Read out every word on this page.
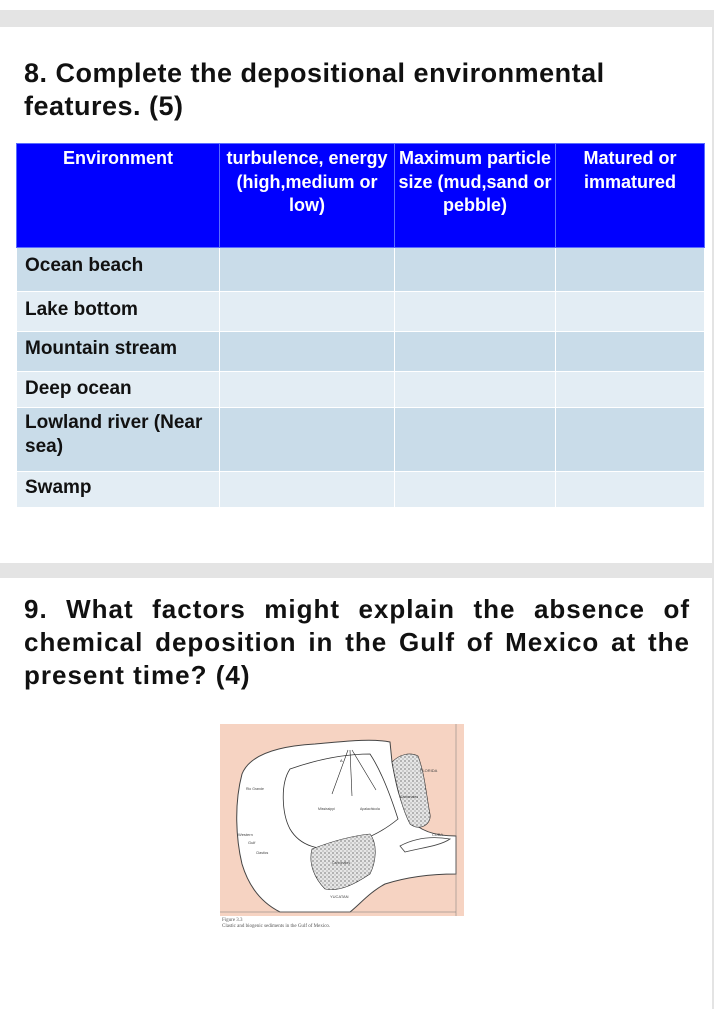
8. Complete the depositional environmental features. (5)
Environment	turbulence, energy (high,medium or low)	Maximum particle size (mud,sand or pebble)	Matured or immatured
Ocean beach			
Lake bottom			
Mountain stream			
Deep ocean			
Lowland river (Near sea)			
Swamp			
9. What factors might explain the absence of chemical deposition in the Gulf of Mexico at the present time? (4)
FLORIDA
Carbonates
CUBA
Rio Grande
Mississippi	Apalachicola
Western
Gulf
Clastics
Carbonates
YUCATAN
A
Figure 3.3
Clastic and biogenic sediments in the Gulf of Mexico.
